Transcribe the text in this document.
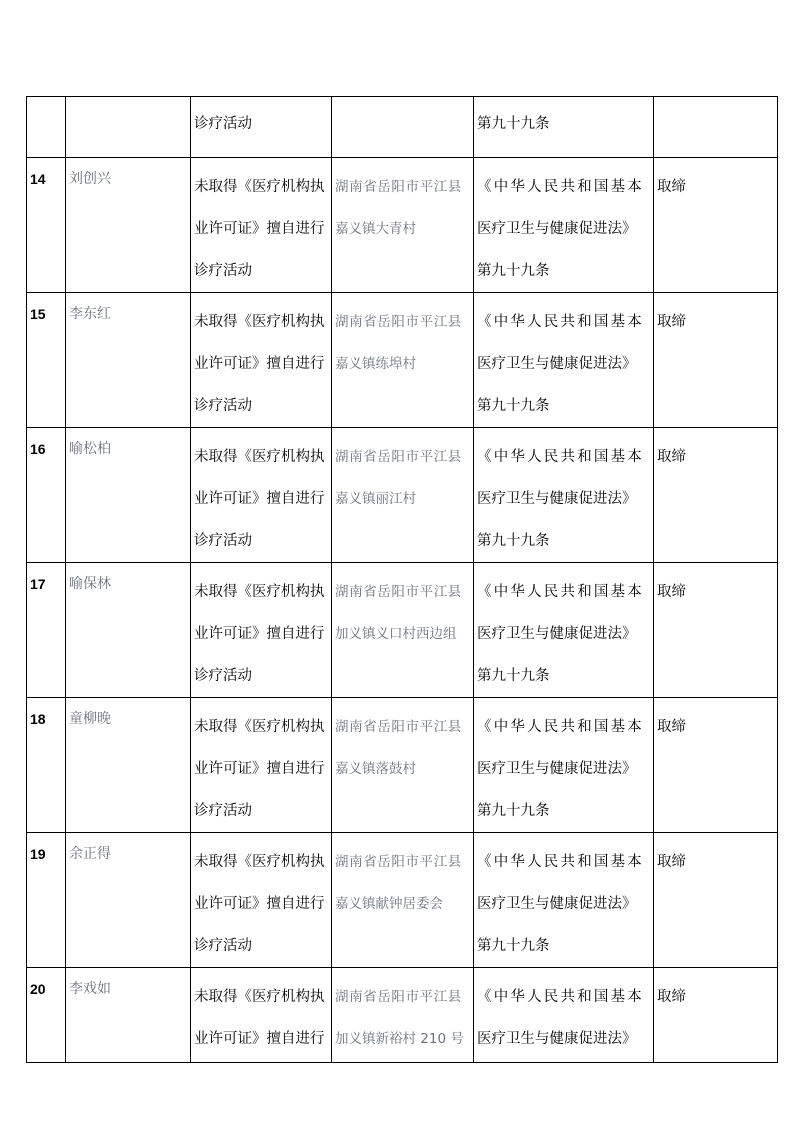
		诊疗活动		第九十九条	

14	刘创兴	未取得《医疗机构执
业许可证》擅自进行
诊疗活动	湖南省岳阳市平江县
嘉义镇大青村	《中华人民共和国基本
医疗卫生与健康促进法》
第九十九条	取缔
15	李东红	未取得《医疗机构执
业许可证》擅自进行
诊疗活动	湖南省岳阳市平江县
嘉义镇练埠村	《中华人民共和国基本
医疗卫生与健康促进法》
第九十九条	取缔
16	喻松柏	未取得《医疗机构执
业许可证》擅自进行
诊疗活动	湖南省岳阳市平江县
嘉义镇丽江村	《中华人民共和国基本
医疗卫生与健康促进法》
第九十九条	取缔
17	喻保林	未取得《医疗机构执
业许可证》擅自进行
诊疗活动	湖南省岳阳市平江县
加义镇义口村西边组	《中华人民共和国基本
医疗卫生与健康促进法》
第九十九条	取缔
18	童柳晚	未取得《医疗机构执
业许可证》擅自进行
诊疗活动	湖南省岳阳市平江县
嘉义镇落鼓村	《中华人民共和国基本
医疗卫生与健康促进法》
第九十九条	取缔
19	余正得	未取得《医疗机构执
业许可证》擅自进行
诊疗活动	湖南省岳阳市平江县
嘉义镇献钟居委会	《中华人民共和国基本
医疗卫生与健康促进法》
第九十九条	取缔
20	李戏如	未取得《医疗机构执
业许可证》擅自进行	湖南省岳阳市平江县
加义镇新裕村 210 号	《中华人民共和国基本
医疗卫生与健康促进法》	取缔
